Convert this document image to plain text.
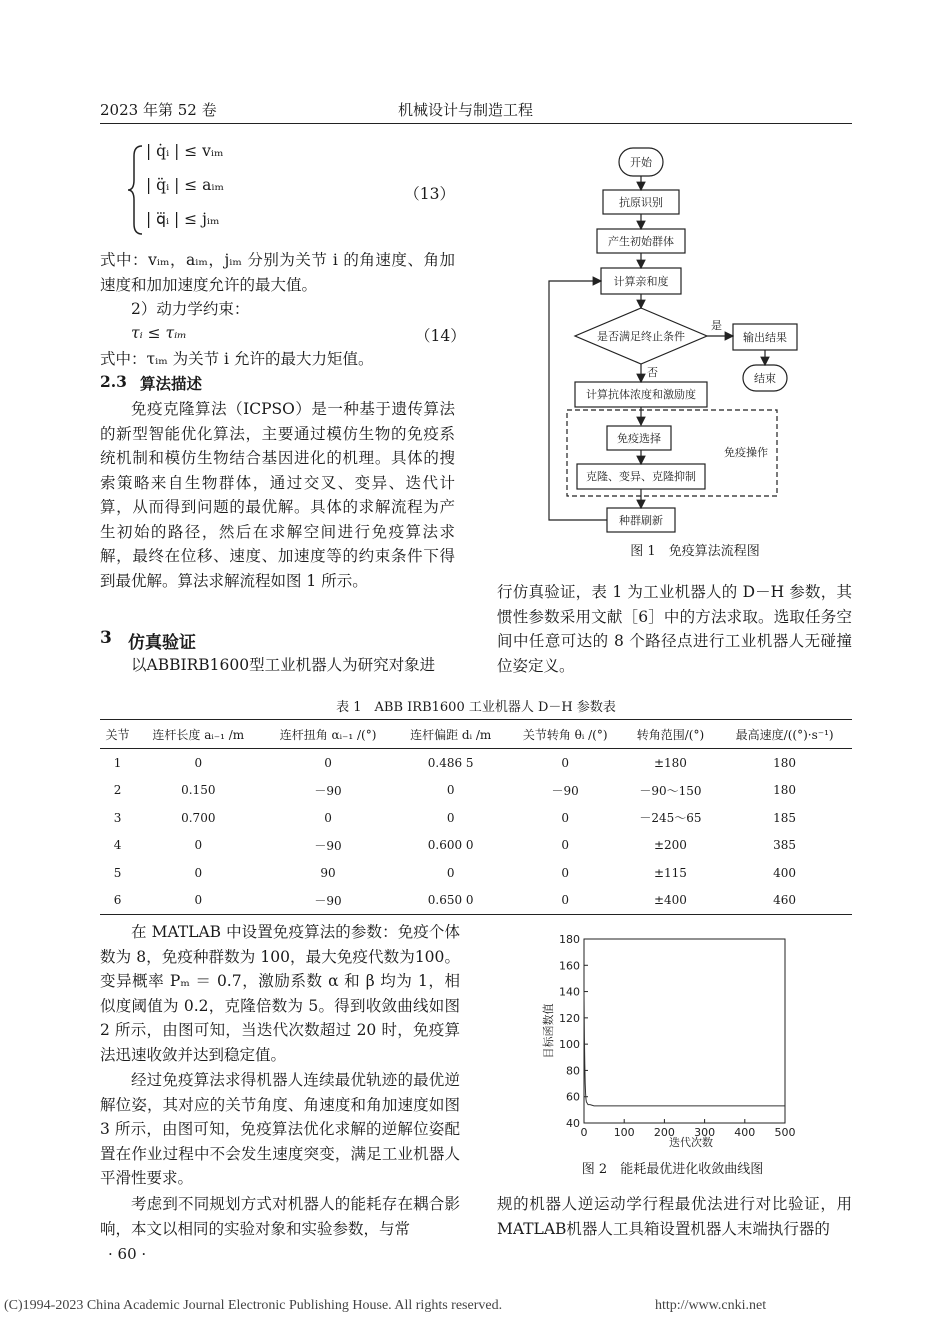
2023 年第 52 卷	机械设计与制造工程
| q̇ᵢ | ≤ vᵢₘ
| q̈ᵢ | ≤ aᵢₘ
| q⃛ᵢ | ≤ jᵢₘ
（13）
式中：vᵢₘ，aᵢₘ，jᵢₘ 分别为关节 i 的角速度、角加速度和加加速度允许的最大值。
2）动力学约束：
τᵢ ≤ τᵢₘ	（14）
式中：τᵢₘ 为关节 i 允许的最大力矩值。
2.3 算法描述
免疫克隆算法（ICPSO）是一种基于遗传算法的新型智能优化算法，主要通过模仿生物的免疫系统机制和模仿生物结合基因进化的机理。具体的搜索策略来自生物群体，通过交叉、变异、迭代计算，从而得到问题的最优解。具体的求解流程为产生初始的路径，然后在求解空间进行免疫算法求解，最终在位移、速度、加速度等的约束条件下得到最优解。算法求解流程如图 1 所示。
3 仿真验证
以ABBIRB1600型工业机器人为研究对象进
开始
抗原识别
产生初始群体
计算亲和度
是否满足终止条件
是
否
输出结果
结束
计算抗体浓度和激励度
免疫选择
克隆、变异、克隆抑制
免疫操作
种群刷新
图 1　免疫算法流程图
行仿真验证，表 1 为工业机器人的 D－H 参数，其惯性参数采用文献［6］中的方法求取。选取任务空间中任意可达的 8 个路径点进行工业机器人无碰撞位姿定义。
表 1　ABB IRB1600 工业机器人 D－H 参数表
关节	连杆长度 aᵢ₋₁ /m	连杆扭角 αᵢ₋₁ /(°)	连杆偏距 dᵢ /m	关节转角 θᵢ /(°)	转角范围/(°)	最高速度/((°)·s⁻¹)
1	0	0	0.486 5	0	±180	180
2	0.150	－90	0	－90	－90～150	180
3	0.700	0	0	0	－245～65	185
4	0	－90	0.600 0	0	±200	385
5	0	90	0	0	±115	400
6	0	－90	0.650 0	0	±400	460
在 MATLAB 中设置免疫算法的参数：免疫个体数为 8，免疫种群数为 100，最大免疫代数为100。变异概率 Pₘ ＝ 0.7，激励系数 α 和 β 均为 1，相似度阈值为 0.2，克隆倍数为 5。得到收敛曲线如图 2 所示，由图可知，当迭代次数超过 20 时，免疫算法迅速收敛并达到稳定值。
经过免疫算法求得机器人连续最优轨迹的最优逆解位姿，其对应的关节角度、角速度和角加速度如图 3 所示，由图可知，免疫算法优化求解的逆解位姿配置在作业过程中不会发生速度突变，满足工业机器人平滑性要求。
考虑到不同规划方式对机器人的能耗存在耦合影响，本文以相同的实验对象和实验参数，与常
· 60 ·
40
60
80
100
120
140
160
180
0 100 200 300 400 500
迭代次数
目标函数值
图 2　能耗最优进化收敛曲线图
规的机器人逆运动学行程最优法进行对比验证，用MATLAB机器人工具箱设置机器人末端执行器的
(C)1994-2023 China Academic Journal Electronic Publishing House. All rights reserved.	http://www.cnki.net
